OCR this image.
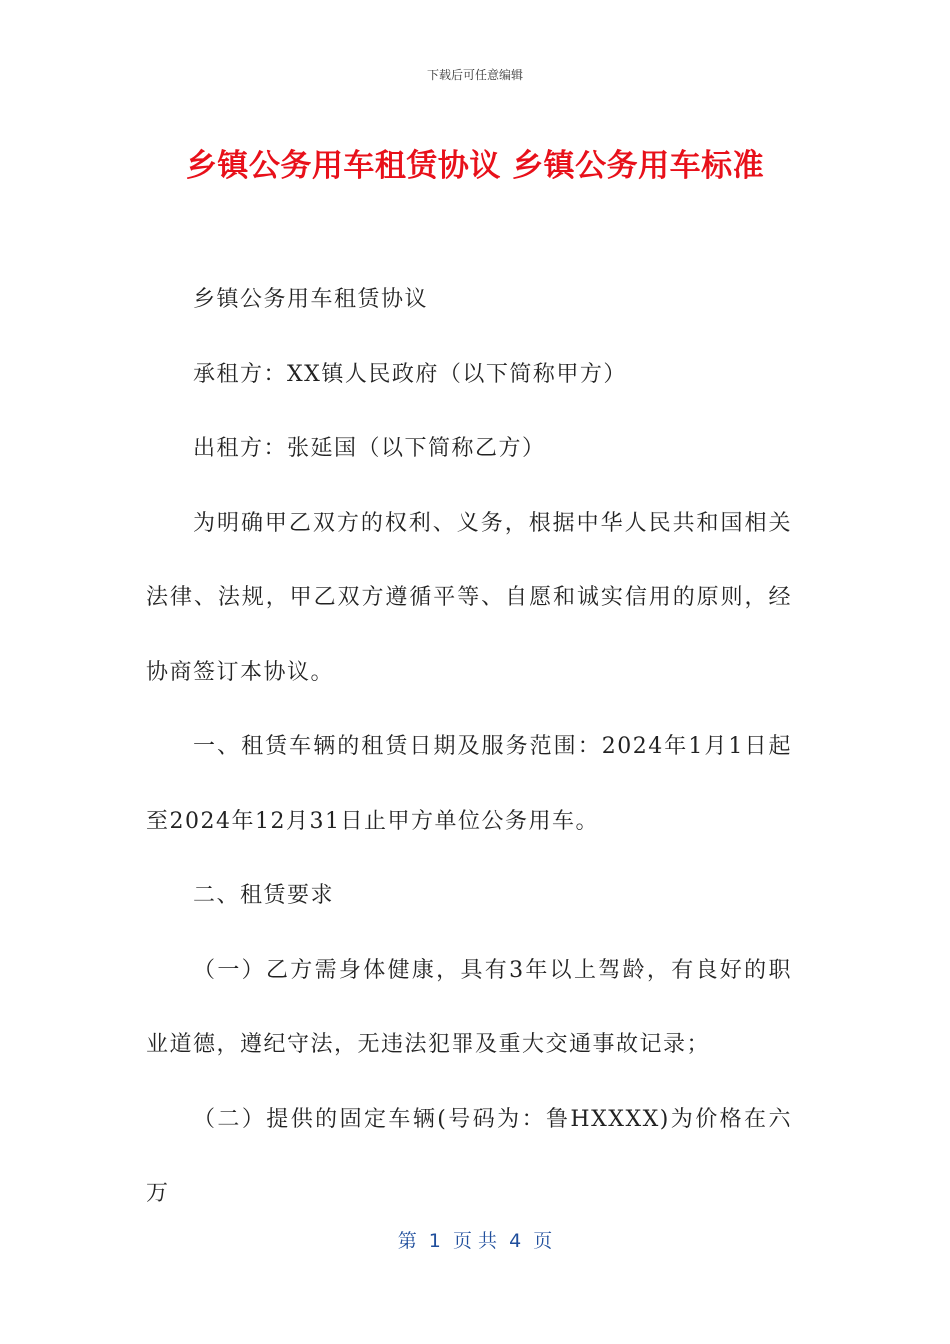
下载后可任意编辑
乡镇公务用车租赁协议 乡镇公务用车标准

乡镇公务用车租赁协议

承租方：XX镇人民政府（以下简称甲方）

出租方：张延国（以下简称乙方）

为明确甲乙双方的权利、义务，根据中华人民共和国相关法律、法规，甲乙双方遵循平等、自愿和诚实信用的原则，经协商签订本协议。

一、租赁车辆的租赁日期及服务范围：2024年1月1日起至2024年12月31日止甲方单位公务用车。

二、租赁要求

（一）乙方需身体健康，具有3年以上驾龄，有良好的职业道德，遵纪守法，无违法犯罪及重大交通事故记录；

（二）提供的固定车辆(号码为：鲁HXXXX)为价格在六万

第  1  页 共  4  页
